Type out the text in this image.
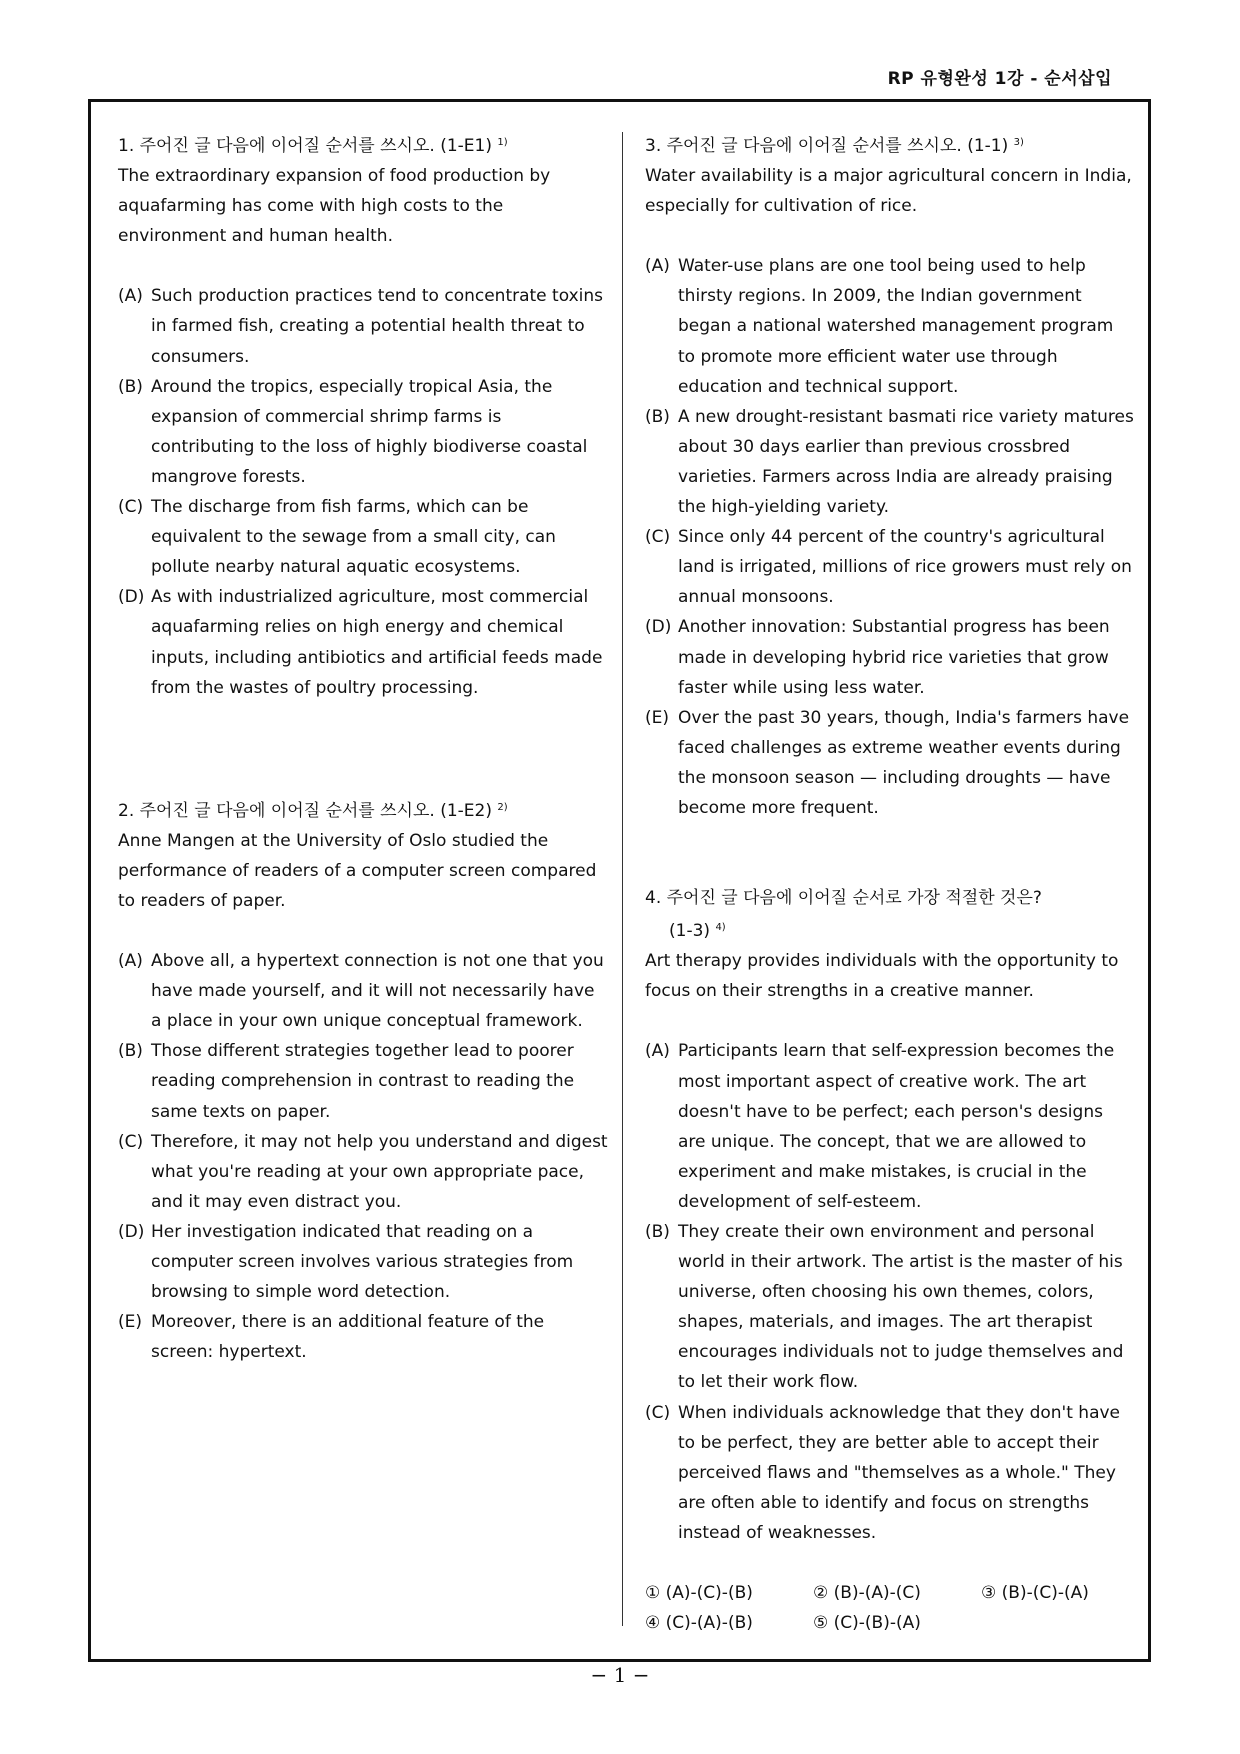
RP 유형완성 1강 - 순서삽입
1. 주어진 글 다음에 이어질 순서를 쓰시오. (1-E1) $^{1)}$
The extraordinary expansion of food production by aquafarming has come with high costs to the environment and human health.
(A) Such production practices tend to concentrate toxins in farmed fish, creating a potential health threat to consumers.
(B) Around the tropics, especially tropical Asia, the expansion of commercial shrimp farms is contributing to the loss of highly biodiverse coastal mangrove forests.
(C) The discharge from fish farms, which can be equivalent to the sewage from a small city, can pollute nearby natural aquatic ecosystems.
(D) As with industrialized agriculture, most commercial aquafarming relies on high energy and chemical inputs, including antibiotics and artificial feeds made from the wastes of poultry processing.
2. 주어진 글 다음에 이어질 순서를 쓰시오. (1-E2) $^{2)}$
Anne Mangen at the University of Oslo studied the performance of readers of a computer screen compared to readers of paper.
(A) Above all, a hypertext connection is not one that you have made yourself, and it will not necessarily have a place in your own unique conceptual framework.
(B) Those different strategies together lead to poorer reading comprehension in contrast to reading the same texts on paper.
(C) Therefore, it may not help you understand and digest what you're reading at your own appropriate pace, and it may even distract you.
(D) Her investigation indicated that reading on a computer screen involves various strategies from browsing to simple word detection.
(E) Moreover, there is an additional feature of the screen: hypertext.
3. 주어진 글 다음에 이어질 순서를 쓰시오. (1-1) $^{3)}$
Water availability is a major agricultural concern in India, especially for cultivation of rice.
(A) Water-use plans are one tool being used to help thirsty regions. In 2009, the Indian government began a national watershed management program to promote more efficient water use through education and technical support.
(B) A new drought-resistant basmati rice variety matures about 30 days earlier than previous crossbred varieties. Farmers across India are already praising the high-yielding variety.
(C) Since only 44 percent of the country's agricultural land is irrigated, millions of rice growers must rely on annual monsoons.
(D) Another innovation: Substantial progress has been made in developing hybrid rice varieties that grow faster while using less water.
(E) Over the past 30 years, though, India's farmers have faced challenges as extreme weather events during the monsoon season — including droughts — have become more frequent.
4. 주어진 글 다음에 이어질 순서로 가장 적절한 것은?
(1-3) $^{4)}$
Art therapy provides individuals with the opportunity to focus on their strengths in a creative manner.
(A) Participants learn that self-expression becomes the most important aspect of creative work. The art doesn't have to be perfect; each person's designs are unique. The concept, that we are allowed to experiment and make mistakes, is crucial in the development of self-esteem.
(B) They create their own environment and personal world in their artwork. The artist is the master of his universe, often choosing his own themes, colors, shapes, materials, and images. The art therapist encourages individuals not to judge themselves and to let their work flow.
(C) When individuals acknowledge that they don't have to be perfect, they are better able to accept their perceived flaws and "themselves as a whole." They are often able to identify and focus on strengths instead of weaknesses.
① (A)-(C)-(B)	② (B)-(A)-(C)	③ (B)-(C)-(A)
④ (C)-(A)-(B)	⑤ (C)-(B)-(A)
− 1 −
